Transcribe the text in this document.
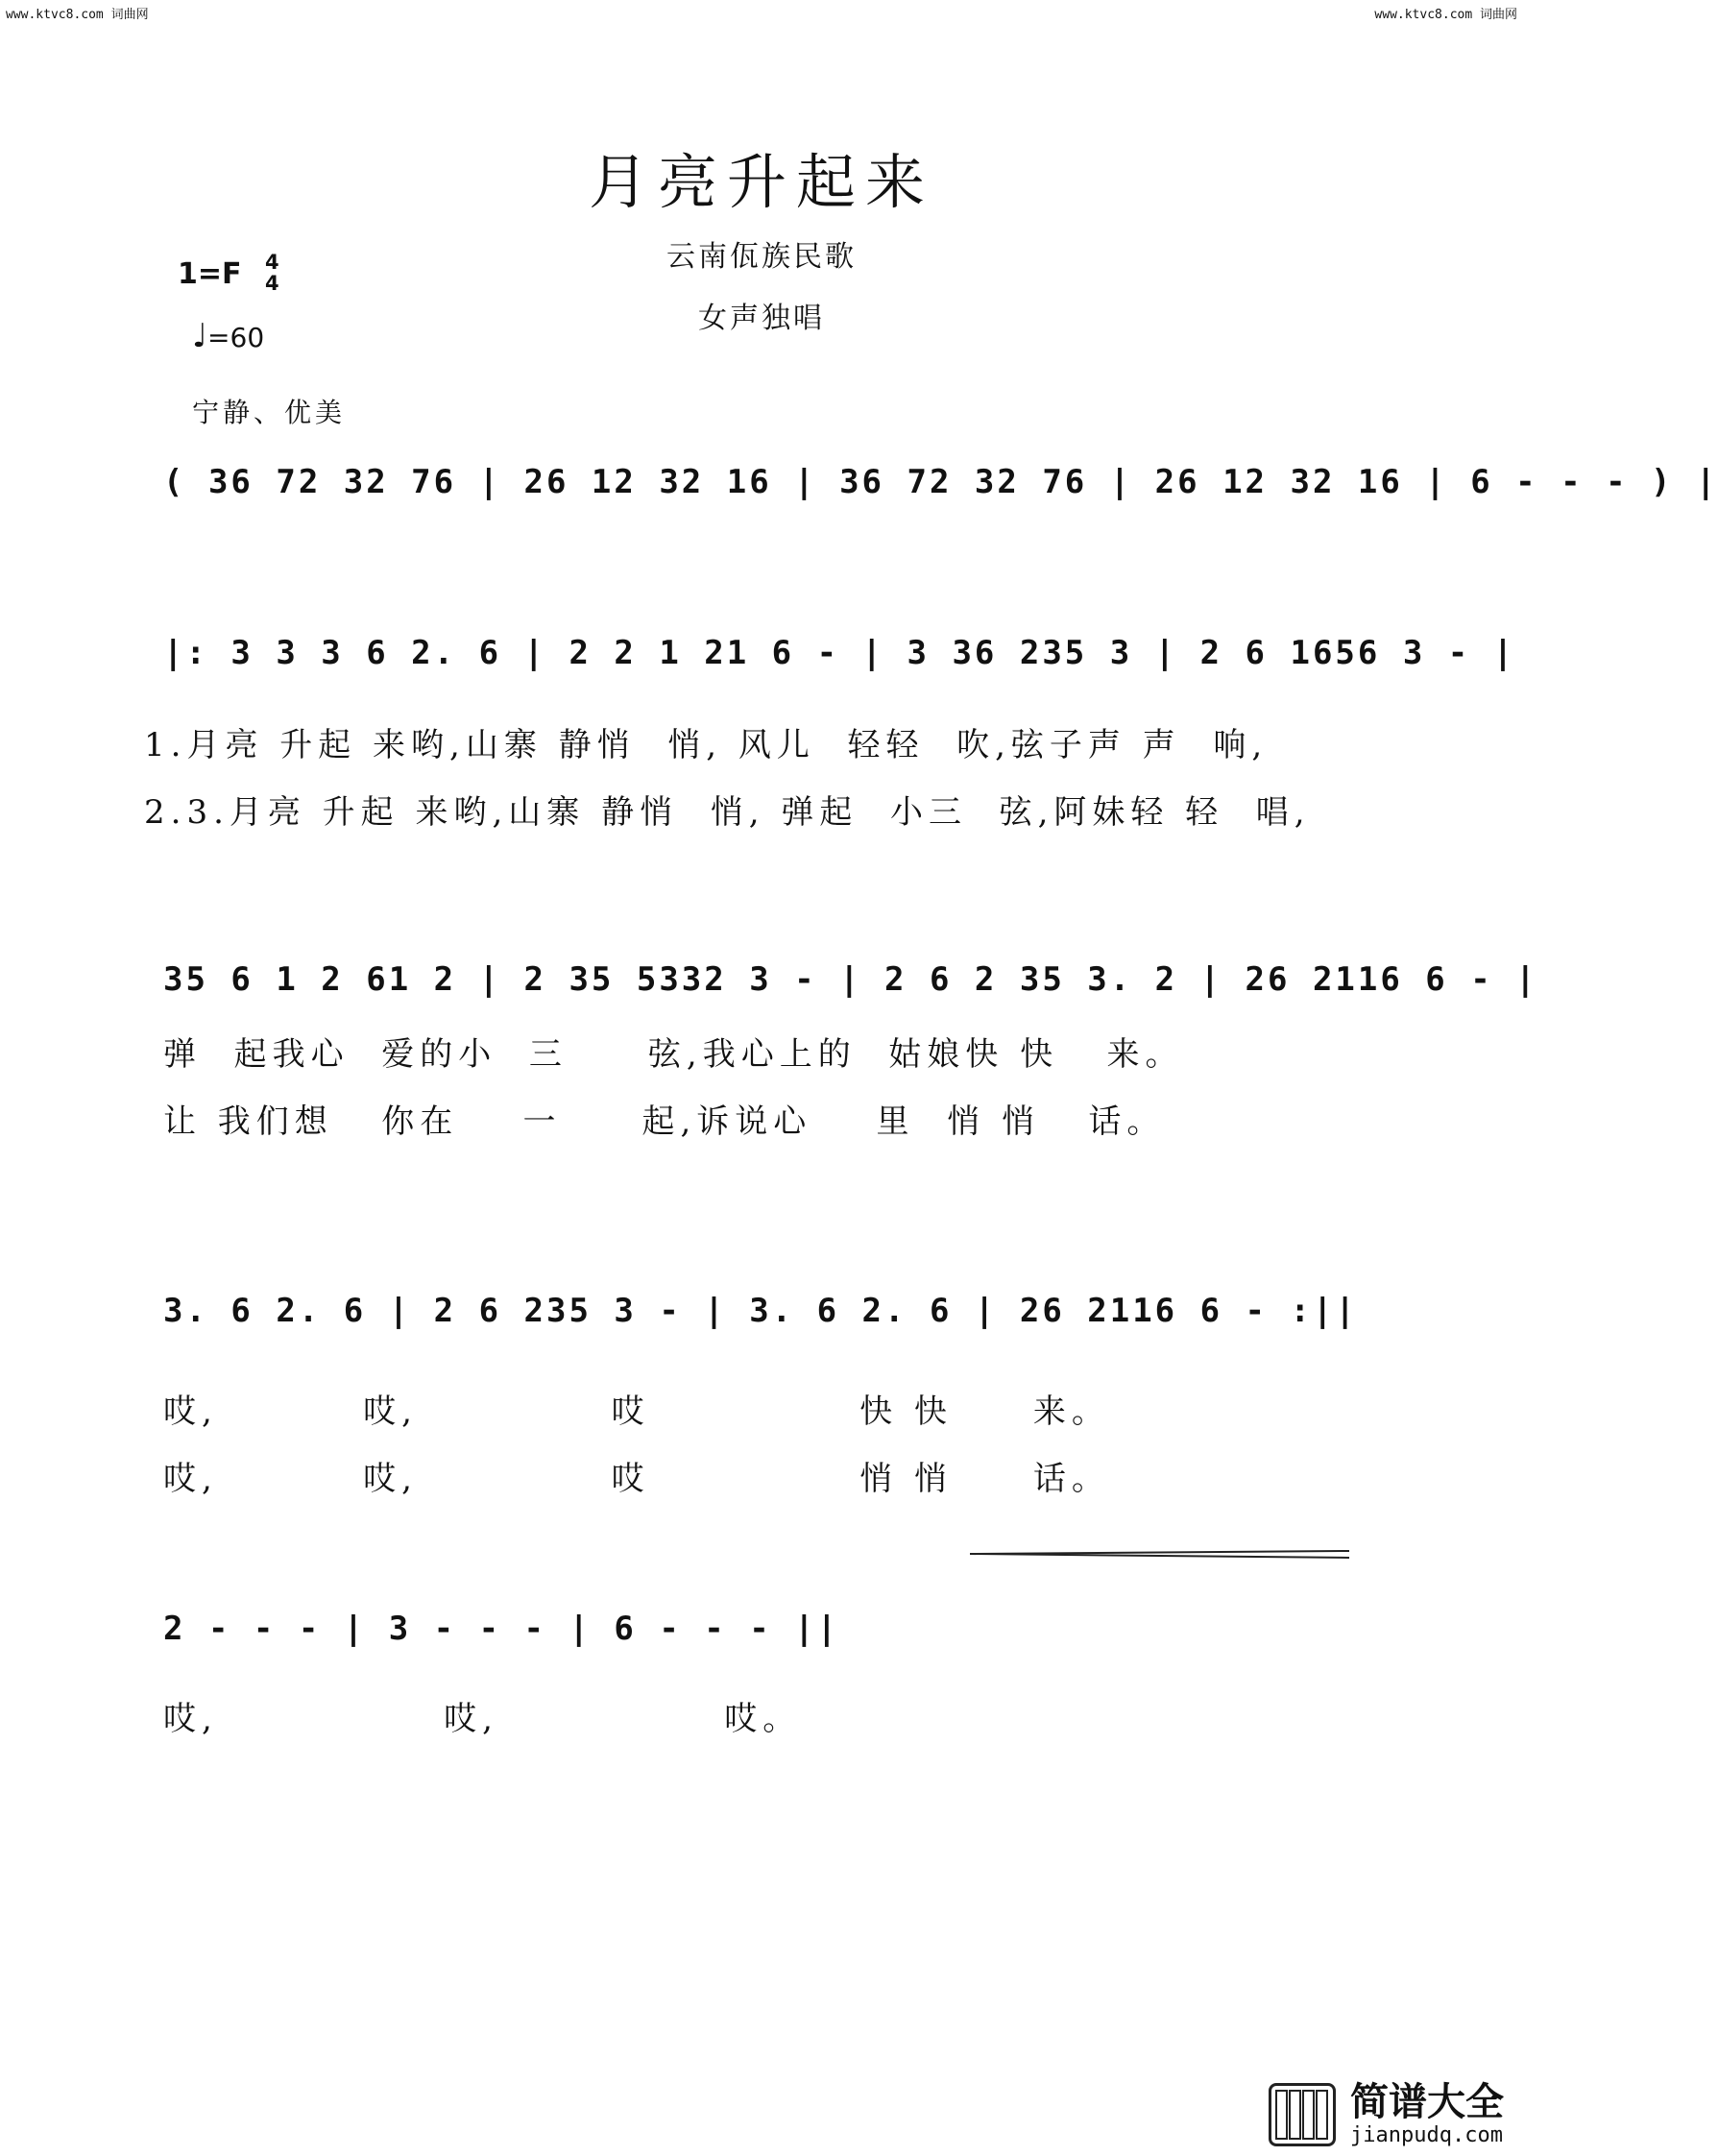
www.ktvc8.com 词曲网	www.ktvc8.com 词曲网
月亮升起来
云南佤族民歌
女声独唱
1=F 4
4
♩=60
宁静、优美
( 36 72 32 76 | 26 12 32 16 | 36 72 32 76 | 26 12 32 16 | 6 - - - ) |
|: 3 3 3 6 2. 6 | 2 2 1 21 6 - | 3 36 235 3 | 2 6 1656 3 - |
1.月亮 升起 来哟,山寨 静悄  悄, 风儿  轻轻  吹,弦子声 声  响,
2.3.月亮 升起 来哟,山寨 静悄  悄, 弹起  小三  弦,阿妹轻 轻  唱,
35 6 1 2 61 2 | 2 35 5332 3 - | 2 6 2 35 3. 2 | 26 2116 6 - |
弹  起我心  爱的小  三     弦,我心上的  姑娘快 快   来。
让 我们想   你在    一     起,诉说心    里  悄 悄   话。
3. 6 2. 6 | 2 6 235 3 - | 3. 6 2. 6 | 26 2116 6 - :||
哎,         哎,            哎             快 快     来。
哎,         哎,            哎             悄 悄     话。
2 - - - | 3 - - - | 6 - - - ||
哎,              哎,              哎。

简谱大全
jianpudq.com
